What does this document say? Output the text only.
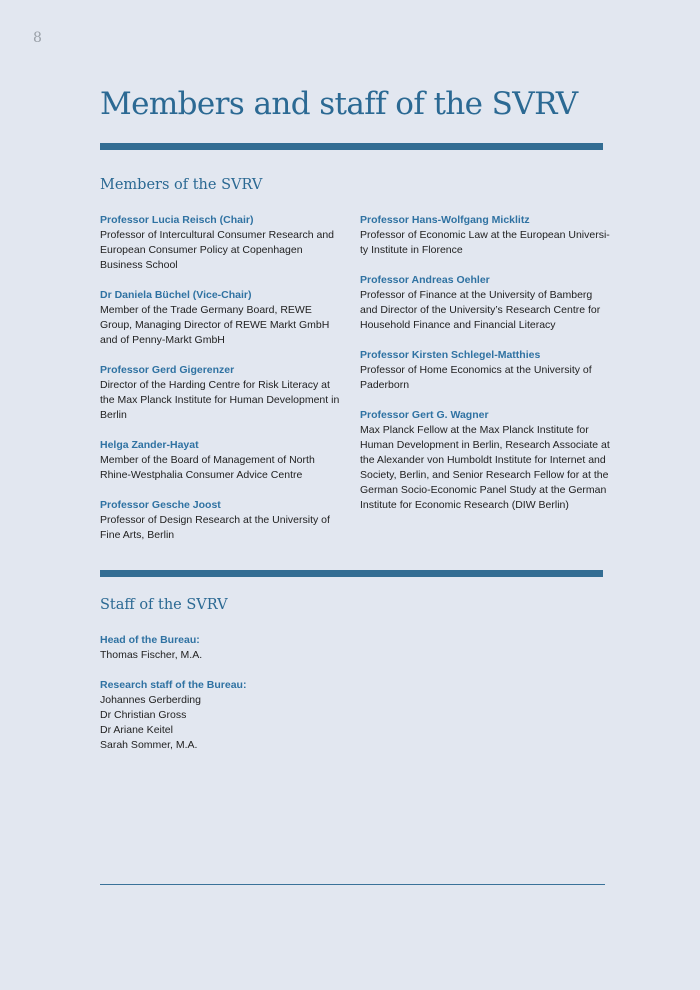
8
Members and staff of the SVRV
Members of the SVRV
Professor Lucia Reisch (Chair)
Professor of Intercultural Consumer Research and European Consumer Policy at Copenhagen Business School
Dr Daniela Büchel (Vice-Chair)
Member of the Trade Germany Board, REWE Group, Managing Director of REWE Markt GmbH and of Penny-Markt GmbH
Professor Gerd Gigerenzer
Director of the Harding Centre for Risk Literacy at the Max Planck Institute for Human Development in Berlin
Helga Zander-Hayat
Member of the Board of Management of North Rhine-Westphalia Consumer Advice Centre
Professor Gesche Joost
Professor of Design Research at the University of Fine Arts, Berlin
Professor Hans-Wolfgang Micklitz
Professor of Economic Law at the European Universi-ty Institute in Florence
Professor Andreas Oehler
Professor of Finance at the University of Bamberg and Director of the University’s Research Centre for Household Finance and Financial Literacy
Professor Kirsten Schlegel-Matthies
Professor of Home Economics at the University of Paderborn
Professor Gert G. Wagner
Max Planck Fellow at the Max Planck Institute for Human Development in Berlin, Research Associate at the Alexander von Humboldt Institute for Internet and Society, Berlin, and Senior Research Fellow for at the German Socio-Economic Panel Study at the German Institute for Economic Research (DIW Berlin)
Staff of the SVRV
Head of the Bureau:
Thomas Fischer, M.A.
Research staff of the Bureau:
Johannes Gerberding
Dr Christian Gross
Dr Ariane Keitel
Sarah Sommer, M.A.
